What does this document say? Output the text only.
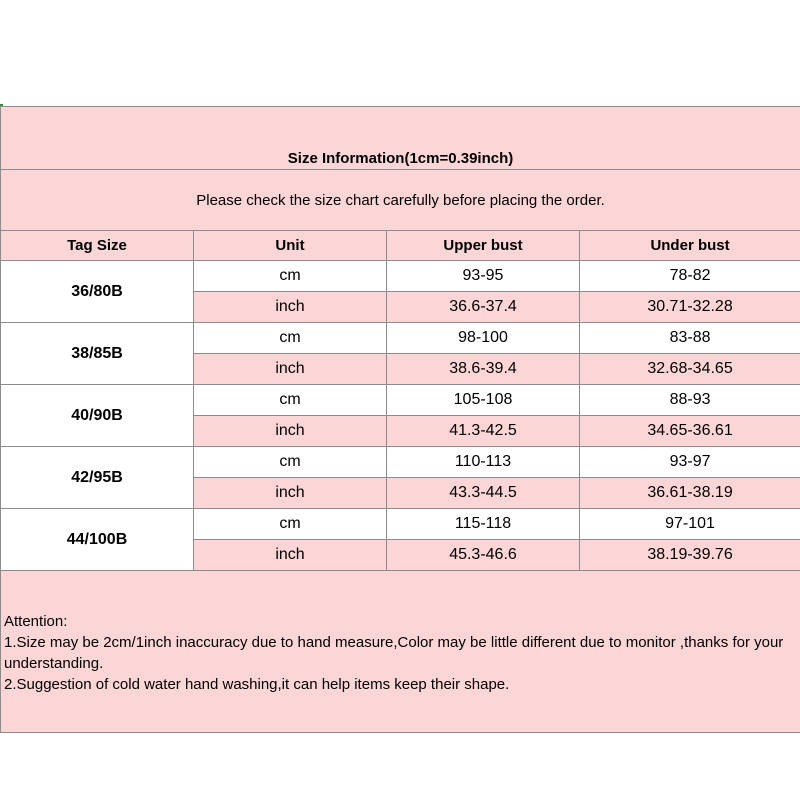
Size Information(1cm=0.39inch)			
Please check the size chart carefully before placing the order.			
Tag Size	Unit	Upper bust	Under bust
36/80B	cm	93-95	78-82
	inch	36.6-37.4	30.71-32.28
38/85B	cm	98-100	83-88
	inch	38.6-39.4	32.68-34.65
40/90B	cm	105-108	88-93
	inch	41.3-42.5	34.65-36.61
42/95B	cm	110-113	93-97
	inch	43.3-44.5	36.61-38.19
44/100B	cm	115-118	97-101
	inch	45.3-46.6	38.19-39.76

Attention:
1.Size may be 2cm/1inch inaccuracy due to hand measure,Color may be little different due to monitor ,thanks for your understanding.
2.Suggestion of cold water hand washing,it can help items keep their shape.			
